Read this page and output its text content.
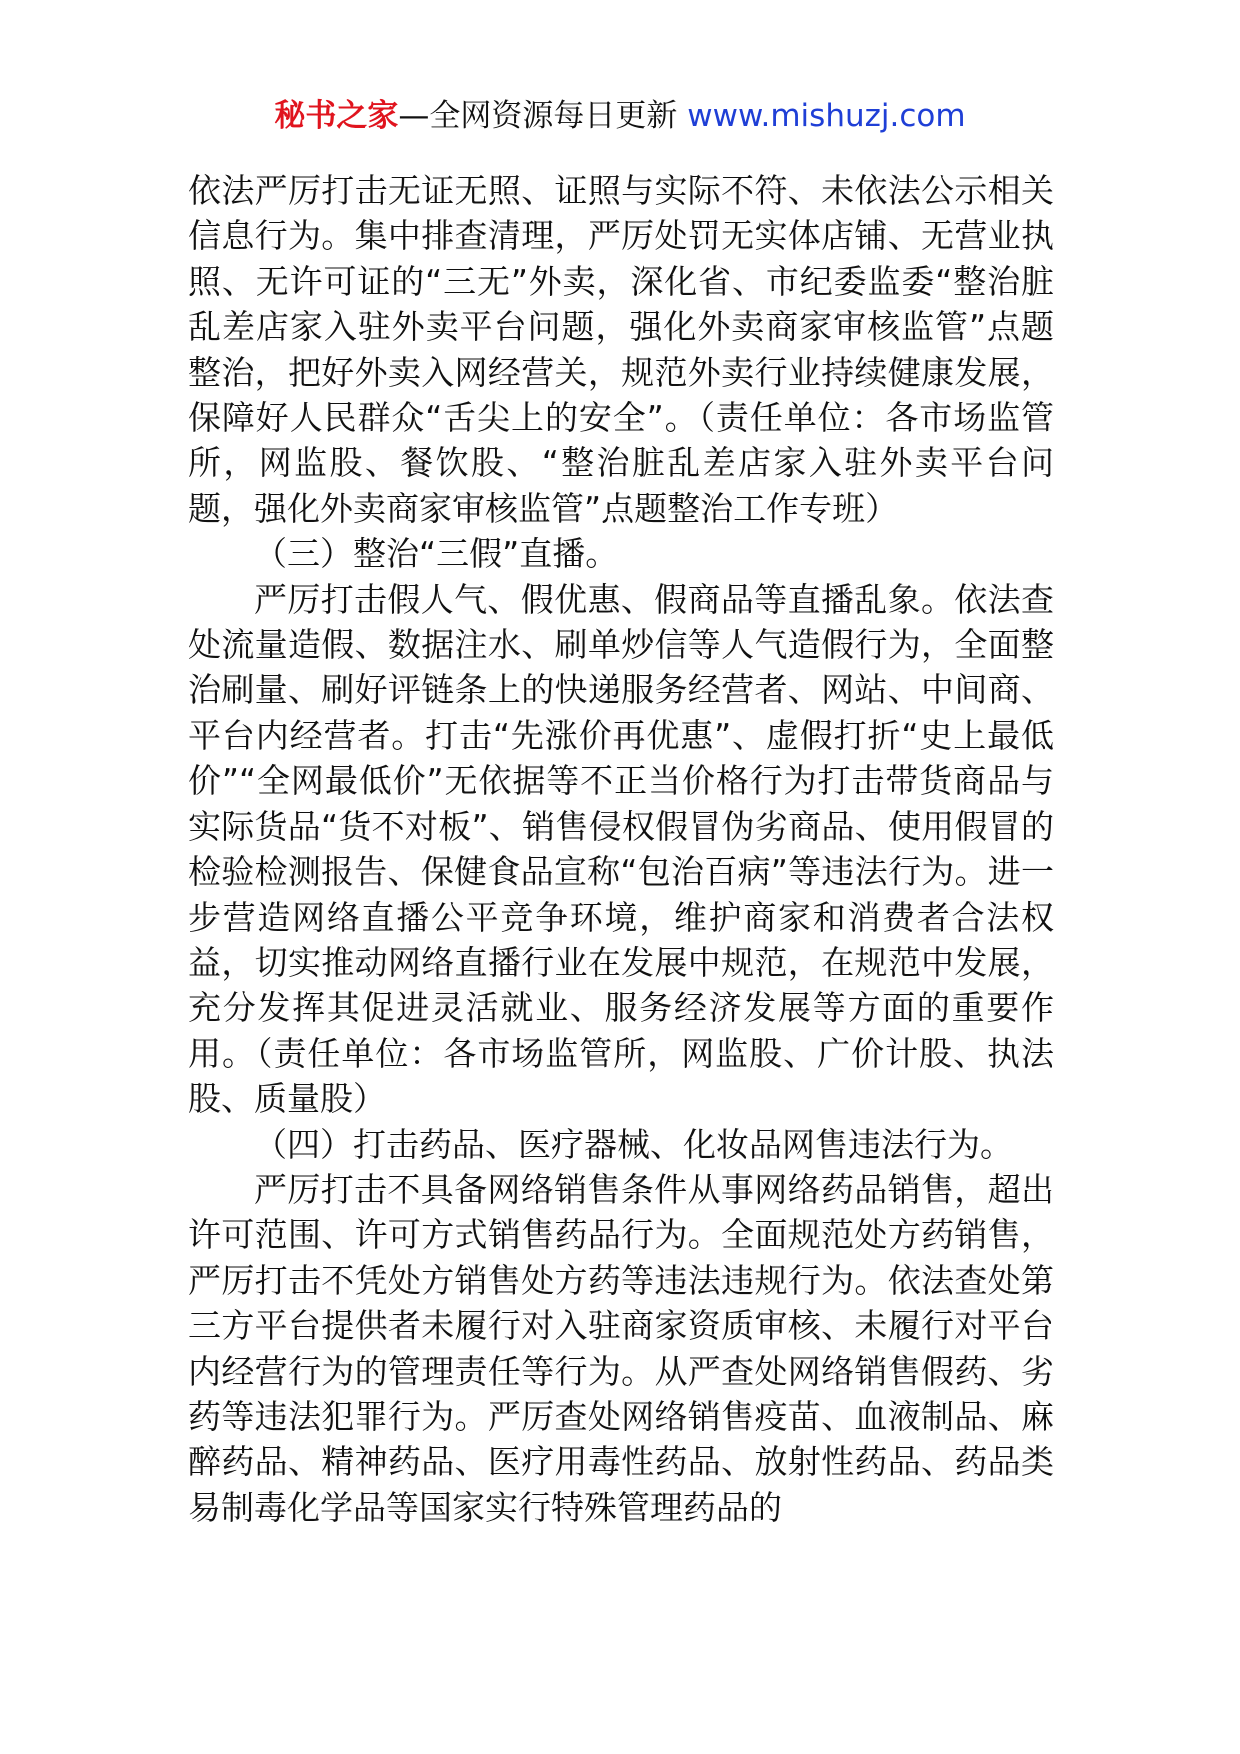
秘书之家—全网资源每日更新 www.mishuzj.com

依法严厉打击无证无照、证照与实际不符、未依法公示相关信息行为。集中排查清理，严厉处罚无实体店铺、无营业执照、无许可证的“三无”外卖，深化省、市纪委监委“整治脏乱差店家入驻外卖平台问题，强化外卖商家审核监管”点题整治，把好外卖入网经营关，规范外卖行业持续健康发展，保障好人民群众“舌尖上的安全”。（责任单位：各市场监管所，网监股、餐饮股、“整治脏乱差店家入驻外卖平台问题，强化外卖商家审核监管”点题整治工作专班）

（三）整治“三假”直播。

严厉打击假人气、假优惠、假商品等直播乱象。依法查处流量造假、数据注水、刷单炒信等人气造假行为，全面整治刷量、刷好评链条上的快递服务经营者、网站、中间商、平台内经营者。打击“先涨价再优惠”、虚假打折“史上最低价”“全网最低价”无依据等不正当价格行为打击带货商品与实际货品“货不对板”、销售侵权假冒伪劣商品、使用假冒的检验检测报告、保健食品宣称“包治百病”等违法行为。进一步营造网络直播公平竞争环境，维护商家和消费者合法权益，切实推动网络直播行业在发展中规范，在规范中发展，充分发挥其促进灵活就业、服务经济发展等方面的重要作用。（责任单位：各市场监管所，网监股、广价计股、执法股、质量股）

（四）打击药品、医疗器械、化妆品网售违法行为。

严厉打击不具备网络销售条件从事网络药品销售，超出许可范围、许可方式销售药品行为。全面规范处方药销售，严厉打击不凭处方销售处方药等违法违规行为。依法查处第三方平台提供者未履行对入驻商家资质审核、未履行对平台内经营行为的管理责任等行为。从严查处网络销售假药、劣药等违法犯罪行为。严厉查处网络销售疫苗、血液制品、麻醉药品、精神药品、医疗用毒性药品、放射性药品、药品类易制毒化学品等国家实行特殊管理药品的
